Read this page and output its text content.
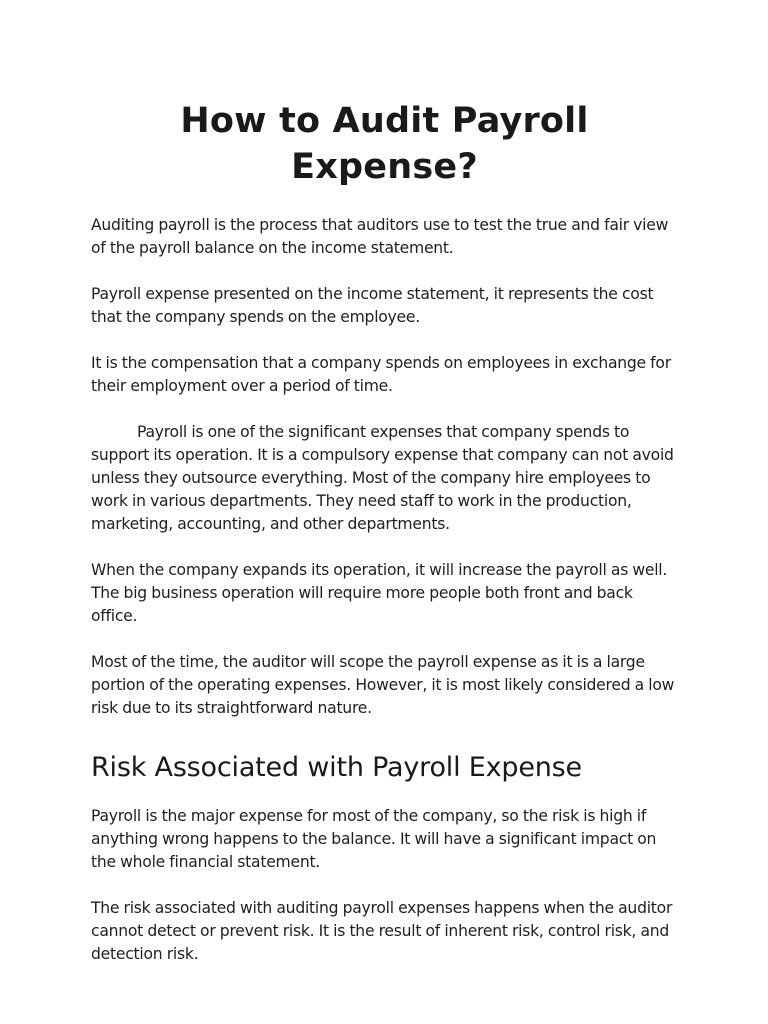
How to Audit Payroll Expense?

Auditing payroll is the process that auditors use to test the true and fair view of the payroll balance on the income statement.

Payroll expense presented on the income statement, it represents the cost that the company spends on the employee.

It is the compensation that a company spends on employees in exchange for their employment over a period of time.

Payroll is one of the significant expenses that company spends to support its operation. It is a compulsory expense that company can not avoid unless they outsource everything. Most of the company hire employees to work in various departments. They need staff to work in the production, marketing, accounting, and other departments.

When the company expands its operation, it will increase the payroll as well. The big business operation will require more people both front and back office.

Most of the time, the auditor will scope the payroll expense as it is a large portion of the operating expenses. However, it is most likely considered a low risk due to its straightforward nature.

Risk Associated with Payroll Expense

Payroll is the major expense for most of the company, so the risk is high if anything wrong happens to the balance. It will have a significant impact on the whole financial statement.

The risk associated with auditing payroll expenses happens when the auditor cannot detect or prevent risk. It is the result of inherent risk, control risk, and detection risk.
